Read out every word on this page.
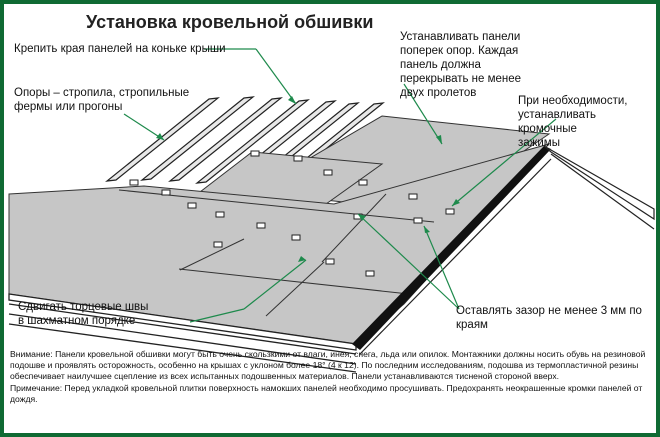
Установка кровельной обшивки
Крепить края панелей на коньке крыши
Опоры – стропила, стропильные
фермы или прогоны
Устанавливать панели
поперек опор. Каждая
панель должна
перекрывать не менее
двух пролетов
При необходимости,
устанавливать кромочные
зажимы
Сдвигать торцевые швы
в шахматном порядке
Оставлять зазор не менее 3 мм по
краям

Внимание: Панели кровельной обшивки могут быть очень скользкими от влаги, инея, снега, льда или опилок. Монтажники должны носить обувь на резиновой подошве и проявлять осторожность, особенно на крышах с уклоном более 18° (4 к 12). По последним исследованиям, подошва из термопластичной резины обеспечивает наилучшее сцепление из всех испытанных подошвенных материалов. Панели устанавливаются тисненой стороной вверх.

Примечание: Перед укладкой кровельной плитки поверхность намокших панелей необходимо просушивать. Предохранять неокрашенные кромки панелей от дождя.
